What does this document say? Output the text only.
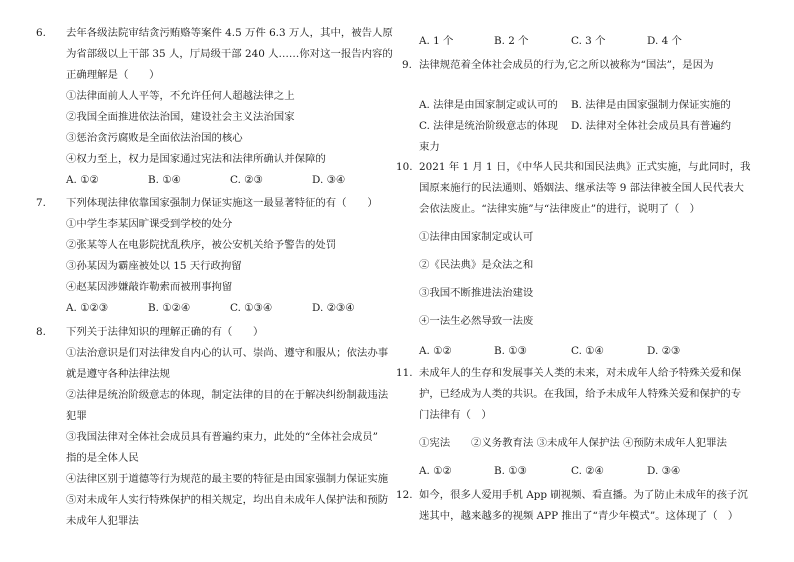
6. 去年各级法院审结贪污贿赂等案件 4.5 万件 6.3 万人，其中，被告人原
为省部级以上干部 35 人，厅局级干部 240 人……你对这一报告内容的
正确理解是（　　）
①法律面前人人平等，不允许任何人超越法律之上
②我国全面推进依法治国，建设社会主义法治国家
③惩治贪污腐败是全面依法治国的核心
④权力至上，权力是国家通过宪法和法律所确认并保障的
A. ①②	B. ①④	C. ②③	D. ③④
7. 下列体现法律依靠国家强制力保证实施这一最显著特征的有（　　）
①中学生李某因旷课受到学校的处分
②张某等人在电影院扰乱秩序，被公安机关给予警告的处罚
③孙某因为霸座被处以 15 天行政拘留
④赵某因涉嫌敲诈勒索而被刑事拘留
A. ①②③	B. ①②④	C. ①③④	D. ②③④
8. 下列关于法律知识的理解正确的有（　　）
①法治意识是们对法律发自内心的认可、崇尚、遵守和服从；依法办事
就是遵守各种法律法规
②法律是统治阶级意志的体现，制定法律的目的在于解决纠纷制裁违法
犯罪
③我国法律对全体社会成员具有普遍约束力，此处的“全体社会成员”
指的是全体人民
④法律区别于道德等行为规范的最主要的特征是由国家强制力保证实施
⑤对未成年人实行特殊保护的相关规定，均出自未成年人保护法和预防
未成年人犯罪法
A. 1 个	B. 2 个	C. 3 个	D. 4 个
9. 法律规范着全体社会成员的行为,它之所以被称为“国法”，是因为
A. 法律是由国家制定或认可的 B. 法律是由国家强制力保证实施的
C. 法律是统治阶级意志的体现 D. 法律对全体社会成员具有普遍约
束力
10. 2021 年 1 月 1 日，《中华人民共和国民法典》正式实施，与此同时，我
国原来施行的民法通则、婚姻法、继承法等 9 部法律被全国人民代表大
会依法废止。“法律实施”与“法律废止”的进行，说明了（　）
①法律由国家制定或认可
②《民法典》是众法之和
③我国不断推进法治建设
④一法生必然导致一法废
A. ①②	B. ①③	C. ①④	D. ②③
11. 未成年人的生存和发展事关人类的未来，对未成年人给予特殊关爱和保
护，已经成为人类的共识。在我国，给予未成年人特殊关爱和保护的专
门法律有（　）
①宪法　　②义务教育法 ③未成年人保护法 ④预防未成年人犯罪法
A. ①②	B. ①③	C. ②④	D. ③④
12. 如今，很多人爱用手机 App 刷视频、看直播。为了防止未成年的孩子沉
迷其中，越来越多的视频 APP 推出了“青少年模式”。这体现了（　）
